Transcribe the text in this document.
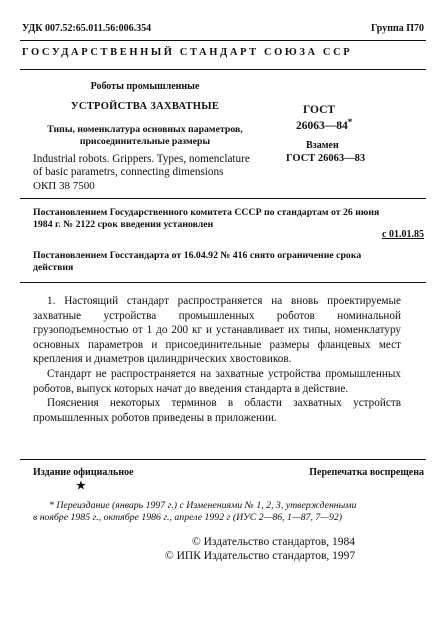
УДК 007.52:65.011.56:006.354	Группа П70
ГОСУДАРСТВЕННЫЙ СТАНДАРТ СОЮЗА ССР
Роботы промышленные
УСТРОЙСТВА ЗАХВАТНЫЕ
Типы, номенклатура основных параметров,
присоединительные размеры
Industrial robots. Grippers. Types, nomenclature
of basic parametrs, connecting dimensions
ОКП 38 7500
ГОСТ
26063—84*
Взамен
ГОСТ 26063—83
Постановлением Государственного комитета СССР по стандартам от 26 июня
1984 г. № 2122 срок введения установлен
с 01.01.85
Постановлением Госстандарта от 16.04.92 № 416 снято ограничение срока
действия

1. Настоящий стандарт распространяется на вновь проектируемые захватные устройства промышленных роботов номинальной грузоподъемностью от 1 до 200 кг и устанавливает их типы, номенклатуру основных параметров и присоединительные размеры фланцевых мест крепления и диаметров цилиндрических хвостовиков.

Стандарт не распространяется на захватные устройства промышленных роботов, выпуск которых начат до введения стандарта в действие.

Пояснения некоторых терминов в области захватных устройств промышленных роботов приведены в приложении.

Издание официальное
★
Перепечатка воспрещена
* Переиздание (январь 1997 г.) с Изменениями № 1, 2, 3, утвержденными
в ноябре 1985 г., октябре 1986 г., апреле 1992 г (ИУС 2—86, 1—87, 7—92)
© Издательство стандартов, 1984
© ИПК Издательство стандартов, 1997
